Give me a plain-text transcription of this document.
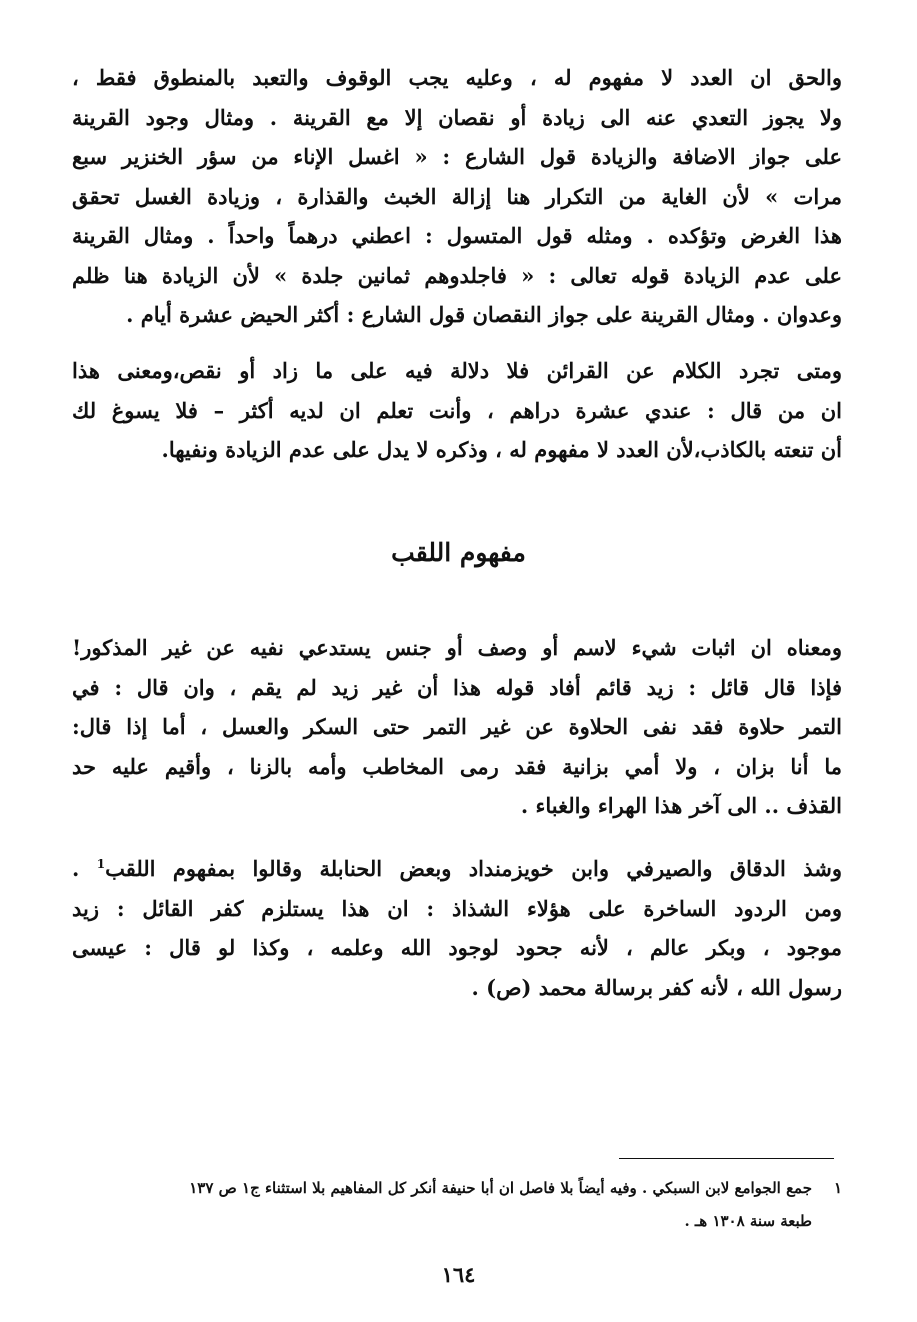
والحق ان العدد لا مفهوم له ، وعليه يجب الوقوف والتعبد بالمنطوق فقط ،
ولا يجوز التعدي عنه الى زيادة أو نقصان إلا مع القرينة . ومثال وجود القرينة
على جواز الاضافة والزيادة قول الشارع : « اغسل الإناء من سؤر الخنزير سبع
مرات » لأن الغاية من التكرار هنا إزالة الخبث والقذارة ، وزيادة الغسل تحقق
هذا الغرض وتؤكده . ومثله قول المتسول : اعطني درهماً واحداً . ومثال القرينة
على عدم الزيادة قوله تعالى : « فاجلدوهم ثمانين جلدة » لأن الزيادة هنا ظلم
وعدوان . ومثال القرينة على جواز النقصان قول الشارع : أكثر الحيض عشرة أيام .

ومتى تجرد الكلام عن القرائن فلا دلالة فيه على ما زاد أو نقص،ومعنى هذا
ان من قال : عندي عشرة دراهم ، وأنت تعلم ان لديه أكثر – فلا يسوغ لك
أن تنعته بالكاذب،لأن العدد لا مفهوم له ، وذكره لا يدل على عدم الزيادة ونفيها.

مفهوم اللقب

ومعناه ان اثبات شيء لاسم أو وصف أو جنس يستدعي نفيه عن غير المذكور!
فإذا قال قائل : زيد قائم أفاد قوله هذا أن غير زيد لم يقم ، وان قال : في
التمر حلاوة فقد نفى الحلاوة عن غير التمر حتى السكر والعسل ، أما إذا قال:
ما أنا بزان ، ولا أمي بزانية فقد رمى المخاطب وأمه بالزنا ، وأقيم عليه حد
القذف .. الى آخر هذا الهراء والغباء .

وشذ الدقاق والصيرفي وابن خويزمنداد وبعض الحنابلة وقالوا بمفهوم اللقب$^1$ .
ومن الردود الساخرة على هؤلاء الشذاذ : ان هذا يستلزم كفر القائل : زيد
موجود ، وبكر عالم ، لأنه جحود لوجود الله وعلمه ، وكذا لو قال : عيسى
رسول الله ، لأنه كفر برسالة محمد (ص) .

١
جمع الجوامع لابن السبكي . وفيه أيضاً بلا فاصل ان أبا حنيفة أنكر كل المفاهيم بلا استثناء ج١ ص ١٣٧
طبعة سنة ١٣٠٨ هـ .
١٦٤
